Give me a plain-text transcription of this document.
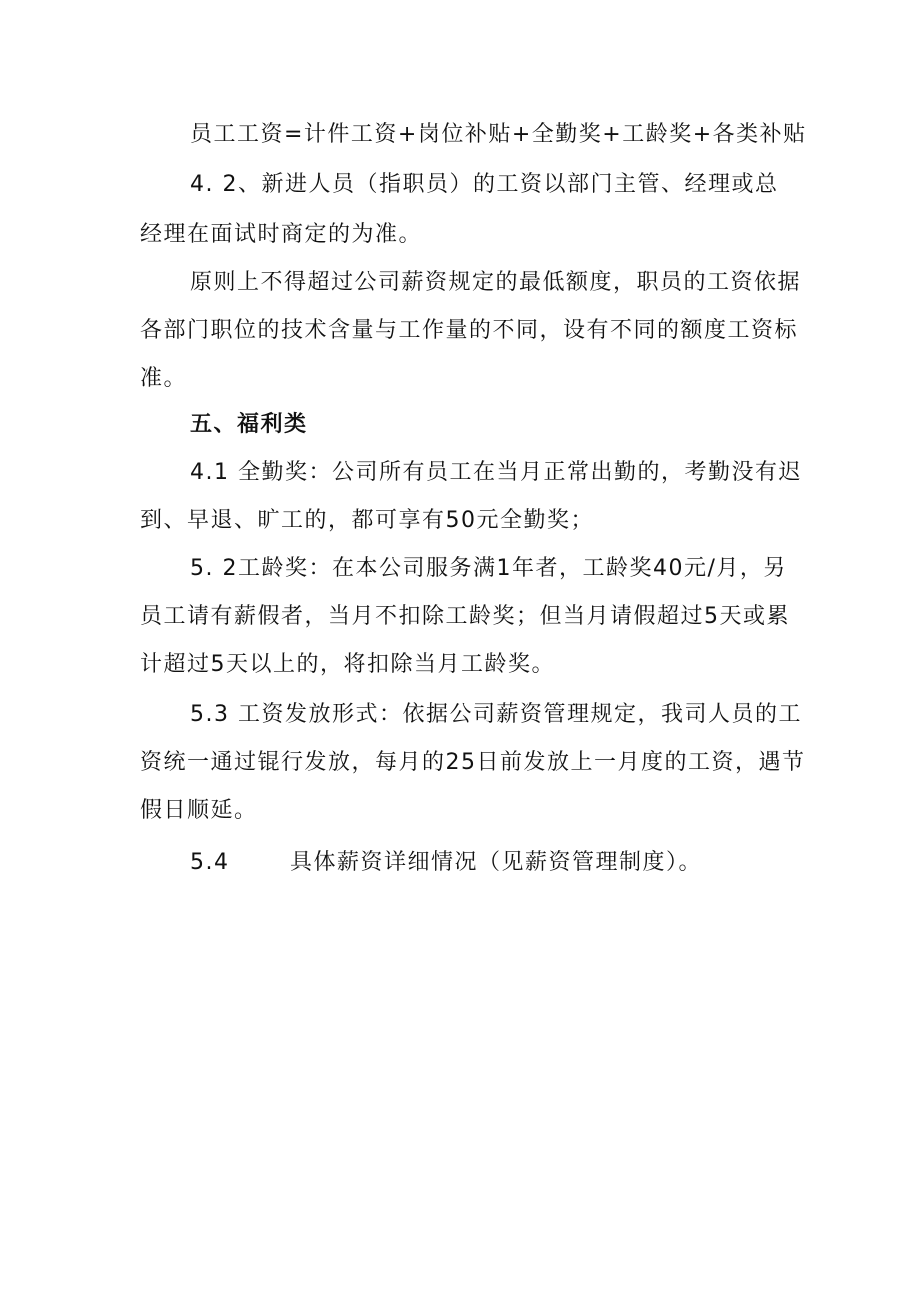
员工工资=计件工资+岗位补贴+全勤奖+工龄奖+各类补贴
4. 2、新进人员（指职员）的工资以部门主管、经理或总
经理在面试时商定的为准。
原则上不得超过公司薪资规定的最低额度，职员的工资依据
各部门职位的技术含量与工作量的不同，设有不同的额度工资标
准。
五、福利类
4.1 全勤奖：公司所有员工在当月正常出勤的，考勤没有迟
到、早退、旷工的，都可享有50元全勤奖；
5. 2工龄奖：在本公司服务满1年者，工龄奖40元/月，另
员工请有薪假者，当月不扣除工龄奖；但当月请假超过5天或累
计超过5天以上的，将扣除当月工龄奖。
5.3 工资发放形式：依据公司薪资管理规定，我司人员的工
资统一通过锟行发放，每月的25日前发放上一月度的工资，遇节
假日顺延。
5.4	具体薪资详细情况（见薪资管理制度）。
